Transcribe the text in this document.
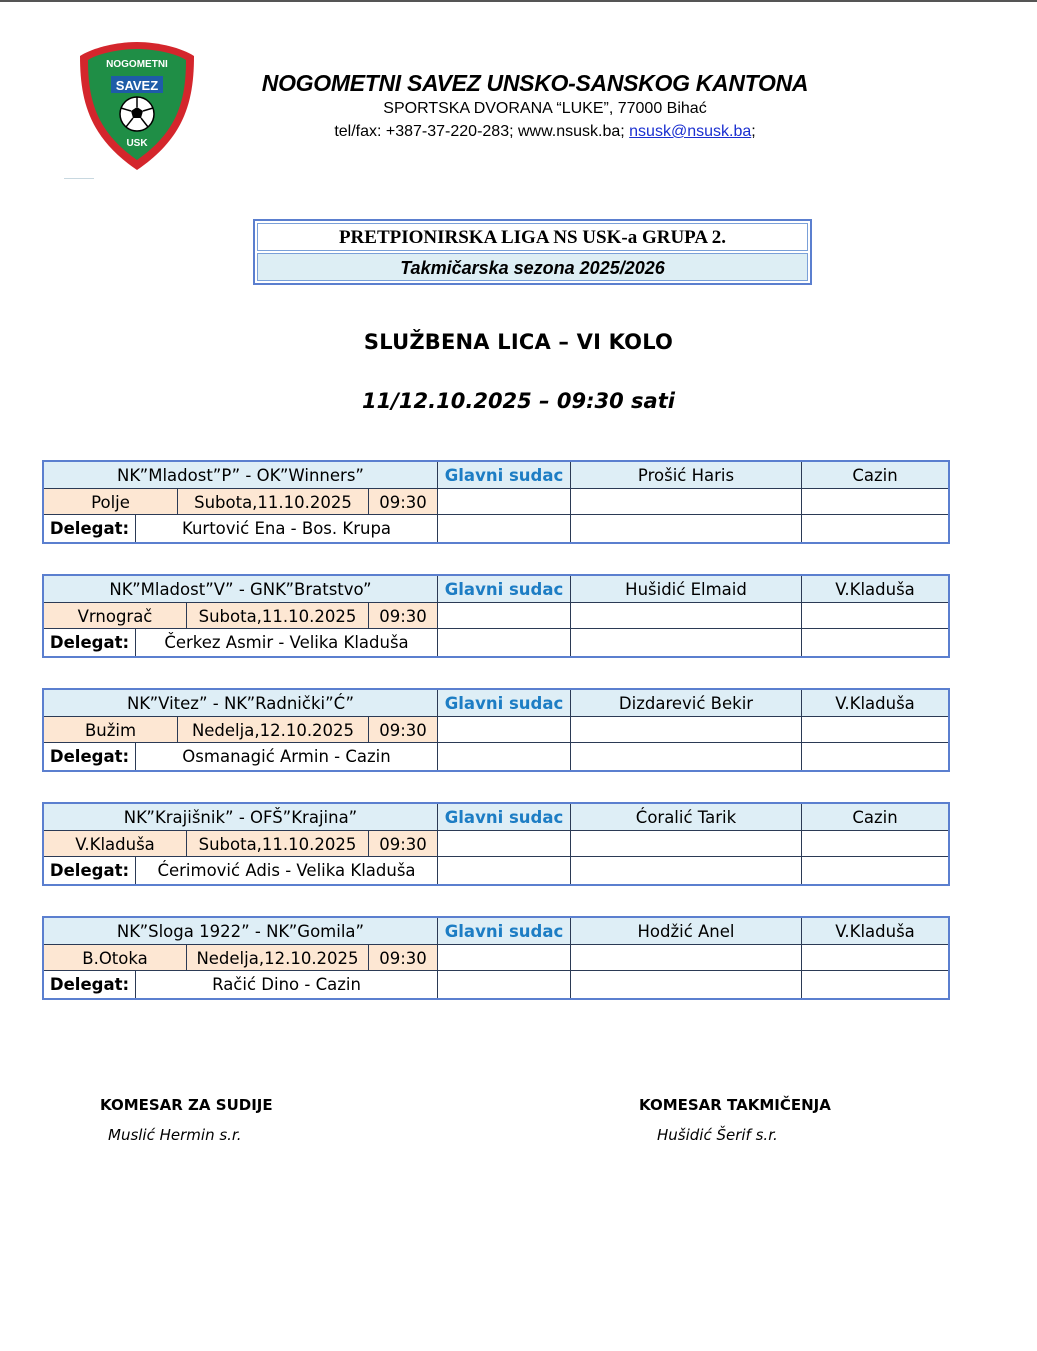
NOGOMETNI
SAVEZ
USK
NOGOMETNI SAVEZ UNSKO-SANSKOG KANTONA
SPORTSKA DVORANA “LUKE”, 77000 Bihać
tel/fax: +387-37-220-283; www.nsusk.ba; nsusk@nsusk.ba;
PRETPIONIRSKA LIGA NS USK-a GRUPA 2.
Takmičarska sezona 2025/2026
SLUŽBENA LICA – VI KOLO
11/12.10.2025 – 09:30 sati
NK”Mladost”P” - OK”Winners”	Glavni sudac	Prošić Haris	Cazin
Polje	Subota,11.10.2025	09:30
Delegat:	Kurtović Ena - Bos. Krupa
NK”Mladost”V” - GNK”Bratstvo”	Glavni sudac	Hušidić Elmaid	V.Kladuša
Vrnograč	Subota,11.10.2025	09:30
Delegat:	Čerkez Asmir - Velika Kladuša
NK”Vitez” - NK”Radnički”Ć”	Glavni sudac	Dizdarević Bekir	V.Kladuša
Bužim	Nedelja,12.10.2025	09:30
Delegat:	Osmanagić Armin - Cazin
NK”Krajišnik” - OFŠ”Krajina”	Glavni sudac	Ćoralić Tarik	Cazin
V.Kladuša	Subota,11.10.2025	09:30
Delegat:	Ćerimović Adis - Velika Kladuša
NK”Sloga 1922” - NK”Gomila”	Glavni sudac	Hodžić Anel	V.Kladuša
B.Otoka	Nedelja,12.10.2025	09:30
Delegat:	Račić Dino - Cazin
KOMESAR ZA SUDIJE
Muslić Hermin s.r.
KOMESAR TAKMIČENJA
Hušidić Šerif s.r.
